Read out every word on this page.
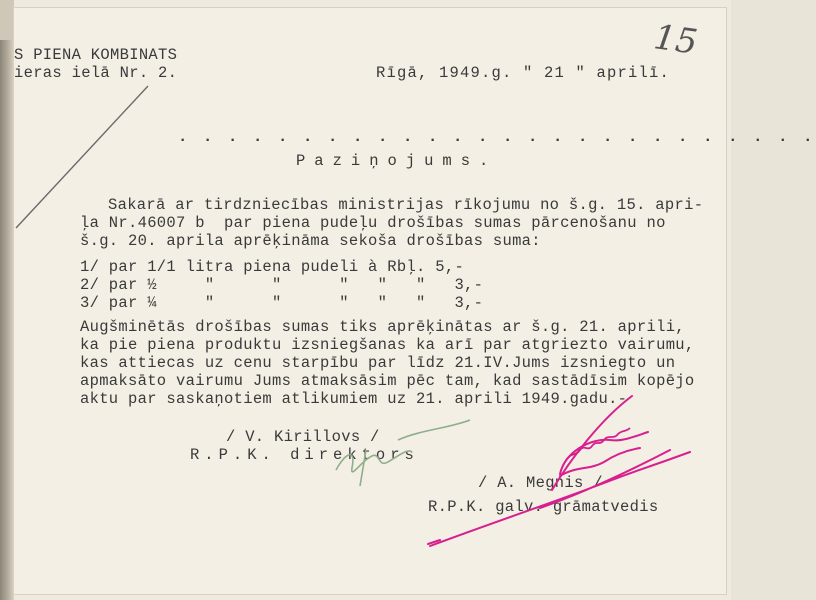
S PIENA KOMBINATS
ieras ielā Nr. 2.	Rīgā, 1949.g. " 21 " aprilī.
15
. . . . . . . . . . . . . . . . . . . . . . . . . .
Paziņojums.
Sakarā ar tirdzniecības ministrijas rīkojumu no š.g. 15. apri-
ļa Nr.46007 b  par piena pudeļu drošības sumas pārcenošanu no
š.g. 20. aprila aprēķināma sekoša drošības suma:
1/ par 1/1 litra piena pudeli à Rbļ. 5,-
2/ par ½     "      "      "   "   "   3,-
3/ par ¼     "      "      "   "   "   3,-
Augšminētās drošības sumas tiks aprēķinātas ar š.g. 21. aprili,
ka pie piena produktu izsniegšanas ka arī par atgriezto vairumu,
kas attiecas uz cenu starpību par līdz 21.IV.Jums izsniegto un
apmaksāto vairumu Jums atmaksāsim pēc tam, kad sastādīsim kopējo
aktu par saskaņotiem atlikumiem uz 21. aprili 1949.gadu.-
/ V. Kirillovs /
R.P.K. direktors
/ A. Megnis /
R.P.K. galv. grāmatvedis
